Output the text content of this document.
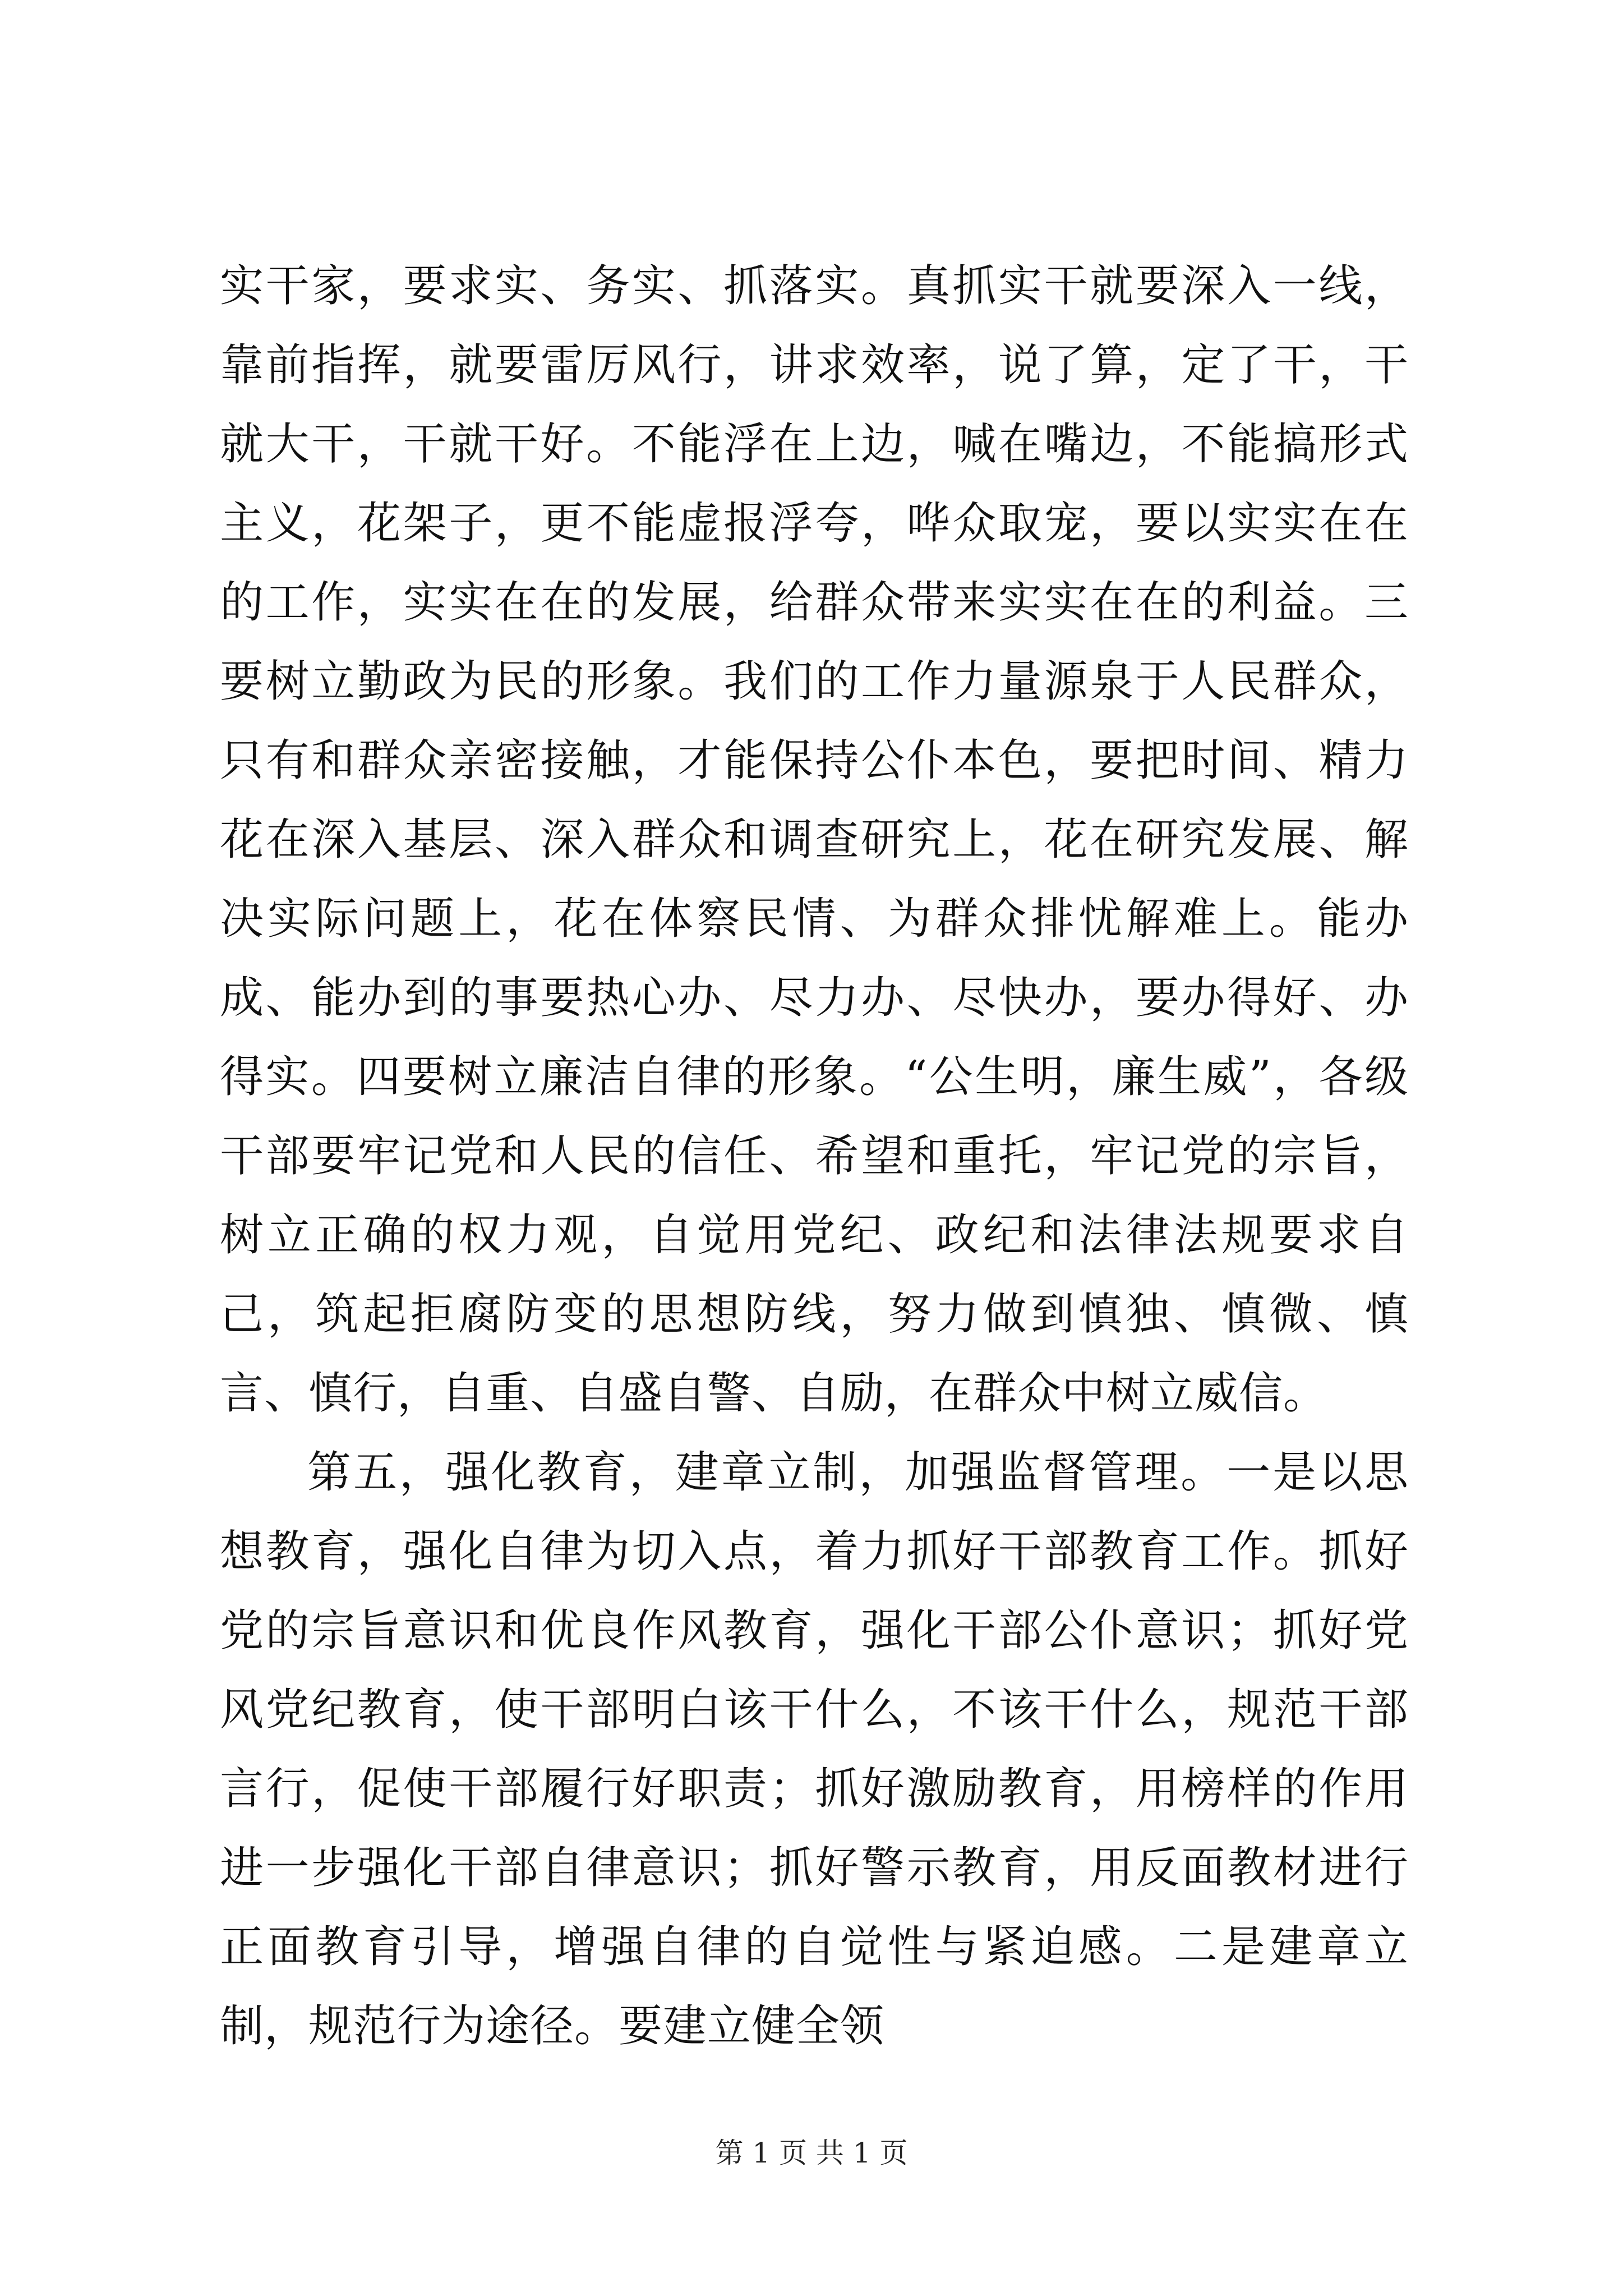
实干家，要求实、务实、抓落实。真抓实干就要深入一线，靠前指挥，就要雷厉风行，讲求效率，说了算，定了干，干就大干，干就干好。不能浮在上边，喊在嘴边，不能搞形式主义，花架子，更不能虚报浮夸，哗众取宠，要以实实在在的工作，实实在在的发展，给群众带来实实在在的利益。三要树立勤政为民的形象。我们的工作力量源泉于人民群众，只有和群众亲密接触，才能保持公仆本色，要把时间、精力花在深入基层、深入群众和调查研究上，花在研究发展、解决实际问题上，花在体察民情、为群众排忧解难上。能办成、能办到的事要热心办、尽力办、尽快办，要办得好、办得实。四要树立廉洁自律的形象。“公生明，廉生威”，各级干部要牢记党和人民的信任、希望和重托，牢记党的宗旨，树立正确的权力观，自觉用党纪、政纪和法律法规要求自己，筑起拒腐防变的思想防线，努力做到慎独、慎微、慎言、慎行，自重、自盛自警、自励，在群众中树立威信。

第五，强化教育，建章立制，加强监督管理。一是以思想教育，强化自律为切入点，着力抓好干部教育工作。抓好党的宗旨意识和优良作风教育，强化干部公仆意识；抓好党风党纪教育，使干部明白该干什么，不该干什么，规范干部言行，促使干部履行好职责；抓好激励教育，用榜样的作用进一步强化干部自律意识；抓好警示教育，用反面教材进行正面教育引导，增强自律的自觉性与紧迫感。二是建章立制，规范行为途径。要建立健全领

第 1 页 共 1 页
